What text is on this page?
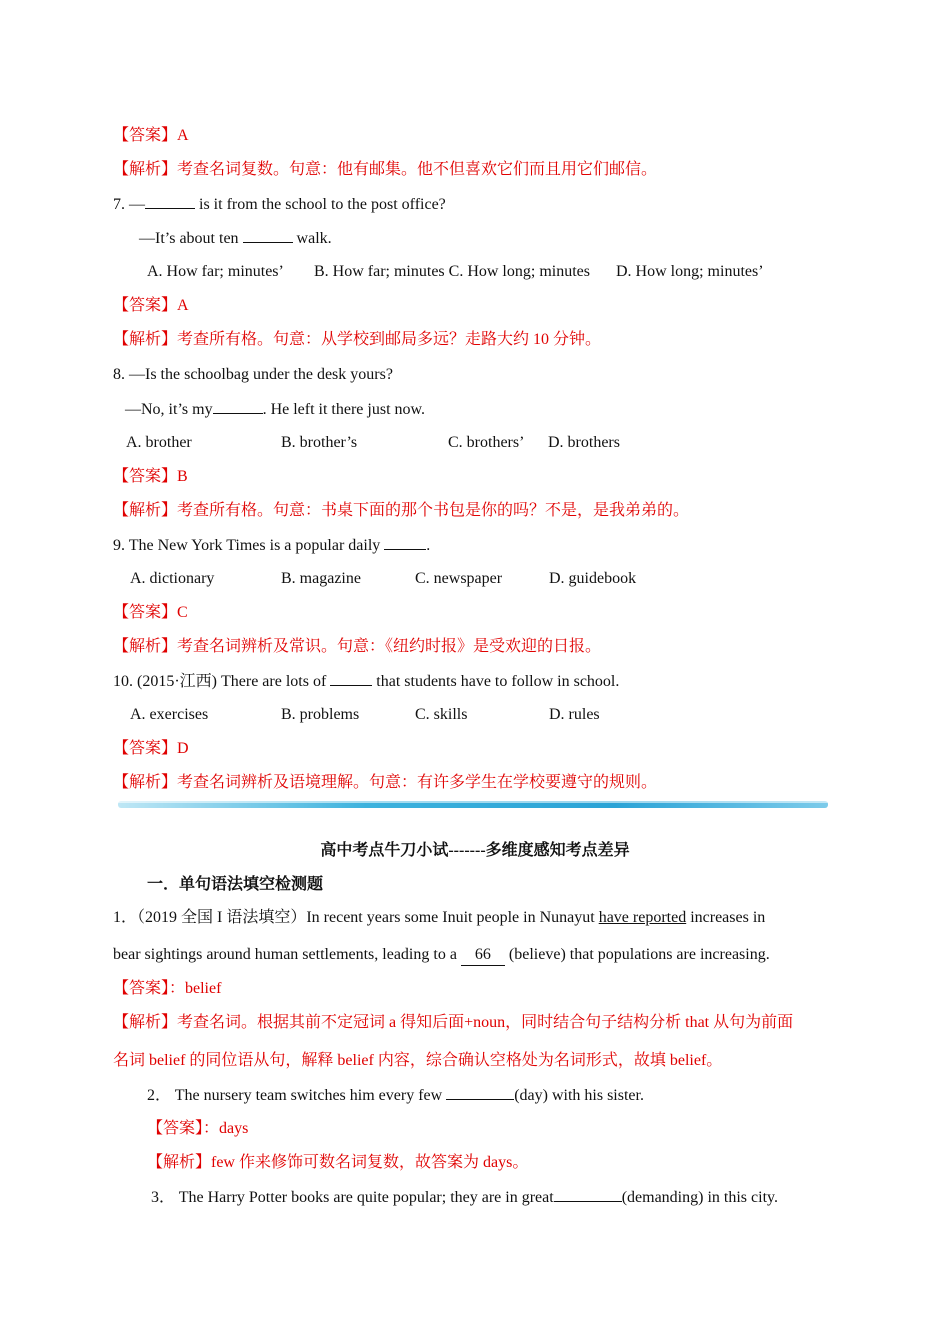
【答案】A
【解析】考查名词复数。句意：他有邮集。他不但喜欢它们而且用它们邮信。
7. —	is it from the school to the post office?
—It’s about ten	walk.
A. How far; minutes’ B. How far; minutes C. How long; minutes D. How long; minutes’
【答案】A
【解析】考查所有格。句意：从学校到邮局多远？走路大约 10 分钟。
8. —Is the schoolbag under the desk yours?
—No, it’s my	. He left it there just now.
A. brother	B. brother’s	C. brothers’ D. brothers
【答案】B
【解析】考查所有格。句意：书桌下面的那个书包是你的吗？不是，是我弟弟的。
9. The New York Times is a popular daily	.
A. dictionary	B. magazine	C. newspaper	D. guidebook
【答案】C
【解析】考查名词辨析及常识。句意：《纽约时报》是受欢迎的日报。
10. (2015·江西) There are lots of	that students have to follow in school.
A. exercises	B. problems	C. skills	D. rules
【答案】D
【解析】考查名词辨析及语境理解。句意：有许多学生在学校要遵守的规则。
高中考点牛刀小试-------多维度感知考点差异
一．单句语法填空检测题
1．（2019 全国 I 语法填空）In recent years some Inuit people in Nunayut have reported increases in
bear sightings around human settlements, leading to a 66 (believe) that populations are increasing.
【答案】：belief
【解析】考查名词。根据其前不定冠词 a 得知后面+noun，同时结合句子结构分析 that 从句为前面
名词 belief 的同位语从句，解释 belief 内容，综合确认空格处为名词形式，故填 belief。
2． The nursery team switches him every few	(day) with his sister.
【答案】：days
【解析】few 作来修饰可数名词复数，故答案为 days。
3． The Harry Potter books are quite popular; they are in great	(demanding) in this city.
